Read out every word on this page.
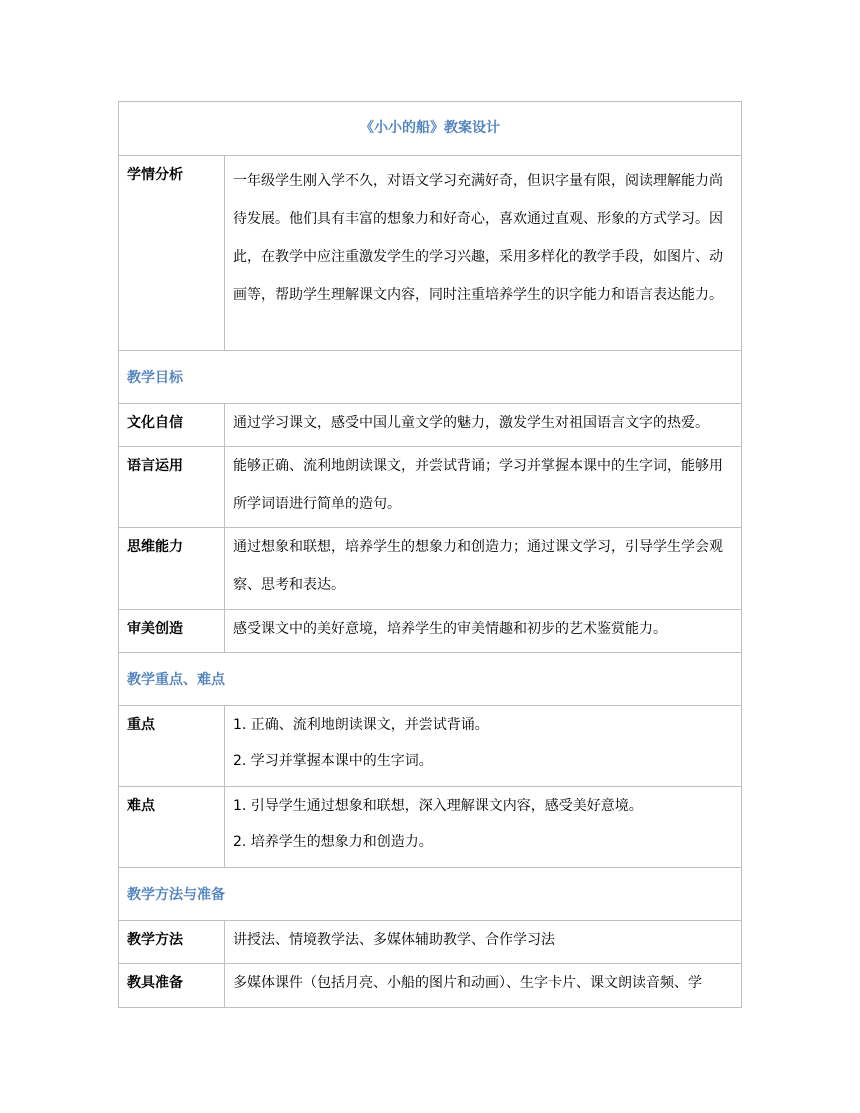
《小小的船》教案设计	
学情分析	一年级学生刚入学不久，对语文学习充满好奇，但识字量有限，阅读理解能力尚待发展。他们具有丰富的想象力和好奇心，喜欢通过直观、形象的方式学习。因此，在教学中应注重激发学生的学习兴趣，采用多样化的教学手段，如图片、动画等，帮助学生理解课文内容，同时注重培养学生的识字能力和语言表达能力。

教学目标	
文化自信	通过学习课文，感受中国儿童文学的魅力，激发学生对祖国语言文字的热爱。
语言运用	能够正确、流利地朗读课文，并尝试背诵；学习并掌握本课中的生字词，能够用所学词语进行简单的造句。
思维能力	通过想象和联想，培养学生的想象力和创造力；通过课文学习，引导学生学会观察、思考和表达。
审美创造	感受课文中的美好意境，培养学生的审美情趣和初步的艺术鉴赏能力。
教学重点、难点	
重点	1. 正确、流利地朗读课文，并尝试背诵。

2. 学习并掌握本课中的生字词。

难点	1. 引导学生通过想象和联想，深入理解课文内容，感受美好意境。

2. 培养学生的想象力和创造力。

教学方法与准备	
教学方法	讲授法、情境教学法、多媒体辅助教学、合作学习法
教具准备	多媒体课件（包括月亮、小船的图片和动画）、生字卡片、课文朗读音频、学
